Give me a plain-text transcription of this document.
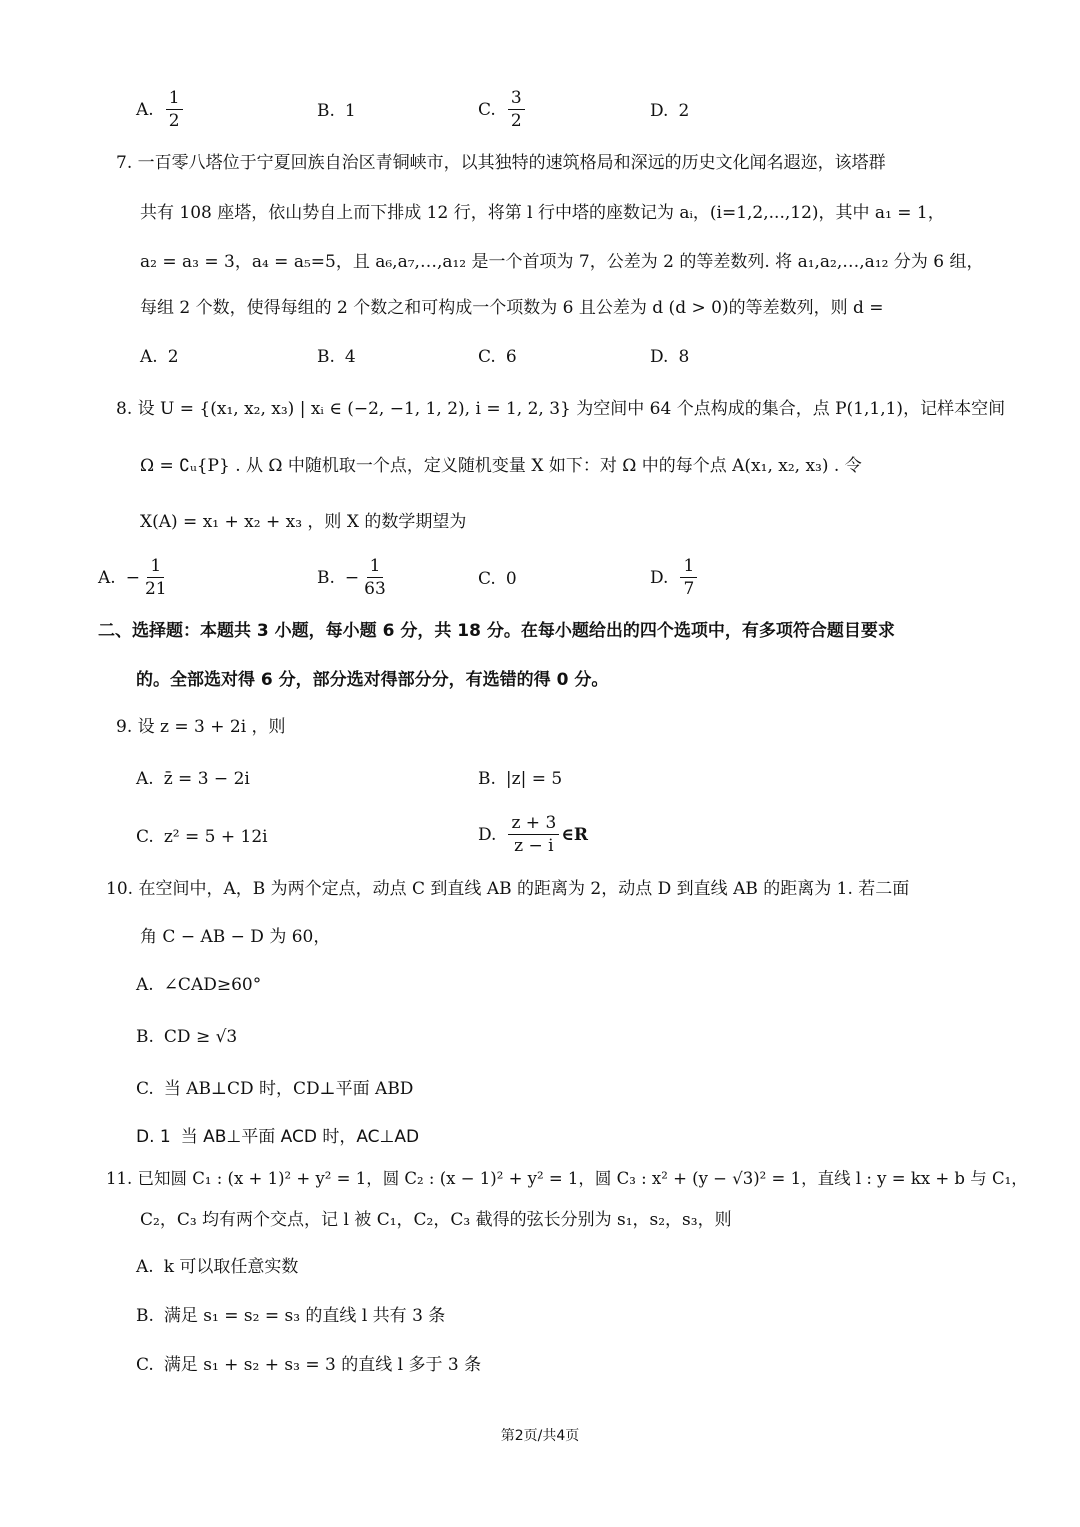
A. $\frac{1}{2}$	B. 1	C. $\frac{3}{2}$	D. 2
7. 一百零八塔位于宁夏回族自治区青铜峡市，以其独特的速筑格局和深远的历史文化闻名遐迩，该塔群
共有 108 座塔，依山势自上而下排成 12 行，将第 l 行中塔的座数记为 aᵢ，(i=1,2,...,12)，其中 a₁ = 1，
a₂ = a₃ = 3，a₄ = a₅=5，且 a₆,a₇,…,a₁₂ 是一个首项为 7，公差为 2 的等差数列. 将 a₁,a₂,…,a₁₂ 分为 6 组，
每组 2 个数，使得每组的 2 个数之和可构成一个项数为 6 且公差为 d (d > 0)的等差数列，则 d =
A. 2	B. 4	C. 6	D. 8
8. 设 U = {(x₁, x₂, x₃) | xᵢ ∈ (−2, −1, 1, 2), i = 1, 2, 3} 为空间中 64 个点构成的集合，点 P(1,1,1)，记样本空间
Ω = ∁ᵤ{P} . 从 Ω 中随机取一个点，定义随机变量 X 如下：对 Ω 中的每个点 A(x₁, x₂, x₃) . 令
X(A) = x₁ + x₂ + x₃ ，则 X 的数学期望为
A. − $\frac{1}{21}$	B. − $\frac{1}{63}$	C. 0	D. $\frac{1}{7}$
二、选择题：本题共 3 小题，每小题 6 分，共 18 分。在每小题给出的四个选项中，有多项符合题目要求
的。全部选对得 6 分，部分选对得部分分，有选错的得 0 分。
9. 设 z = 3 + 2i ，则
A. z̄ = 3 − 2i	B. |z| = 5
C. z² = 5 + 12i	D. $\frac{z + 3}{z - i}$ ∈R
10. 在空间中，A，B 为两个定点，动点 C 到直线 AB 的距离为 2，动点 D 到直线 AB 的距离为 1. 若二面
角 C − AB − D 为 60，
A. ∠CAD≥60°
B. CD ≥ √3
C. 当 AB⊥CD 时，CD⊥平面 ABD
D. 1 当 AB⊥平面 ACD 时，AC⊥AD
11. 已知圆 C₁ : (x + 1)² + y² = 1，圆 C₂ : (x − 1)² + y² = 1，圆 C₃ : x² + (y − √3)² = 1，直线 l : y = kx + b 与 C₁，
C₂，C₃ 均有两个交点，记 l 被 C₁，C₂，C₃ 截得的弦长分别为 s₁，s₂，s₃，则
A. k 可以取任意实数
B. 满足 s₁ = s₂ = s₃ 的直线 l 共有 3 条
C. 满足 s₁ + s₂ + s₃ = 3 的直线 l 多于 3 条
第2页/共4页
